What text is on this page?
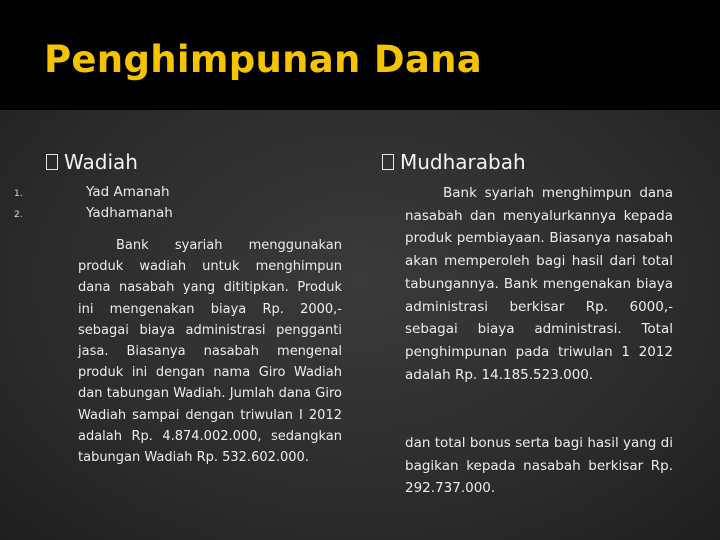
Penghimpunan Dana
Wadiah
1.	Yad Amanah
2.	Yadhamanah

Bank syariah menggunakan produk wadiah untuk menghimpun dana nasabah yang dititipkan. Produk ini mengenakan biaya Rp. 2000,- sebagai biaya administrasi pengganti jasa. Biasanya nasabah mengenal produk ini dengan nama Giro Wadiah dan tabungan Wadiah. Jumlah dana Giro Wadiah sampai dengan triwulan I 2012 adalah Rp. 4.874.002.000, sedangkan tabungan Wadiah Rp. 532.602.000.

Mudharabah

Bank syariah menghimpun dana nasabah dan menyalurkannya kepada produk pembiayaan. Biasanya nasabah akan memperoleh bagi hasil dari total tabungannya. Bank mengenakan biaya administrasi berkisar Rp. 6000,- sebagai biaya administrasi. Total penghimpunan pada triwulan 1 2012 adalah Rp. 14.185.523.000.

dan total bonus serta bagi hasil yang di bagikan kepada nasabah berkisar Rp. 292.737.000.
